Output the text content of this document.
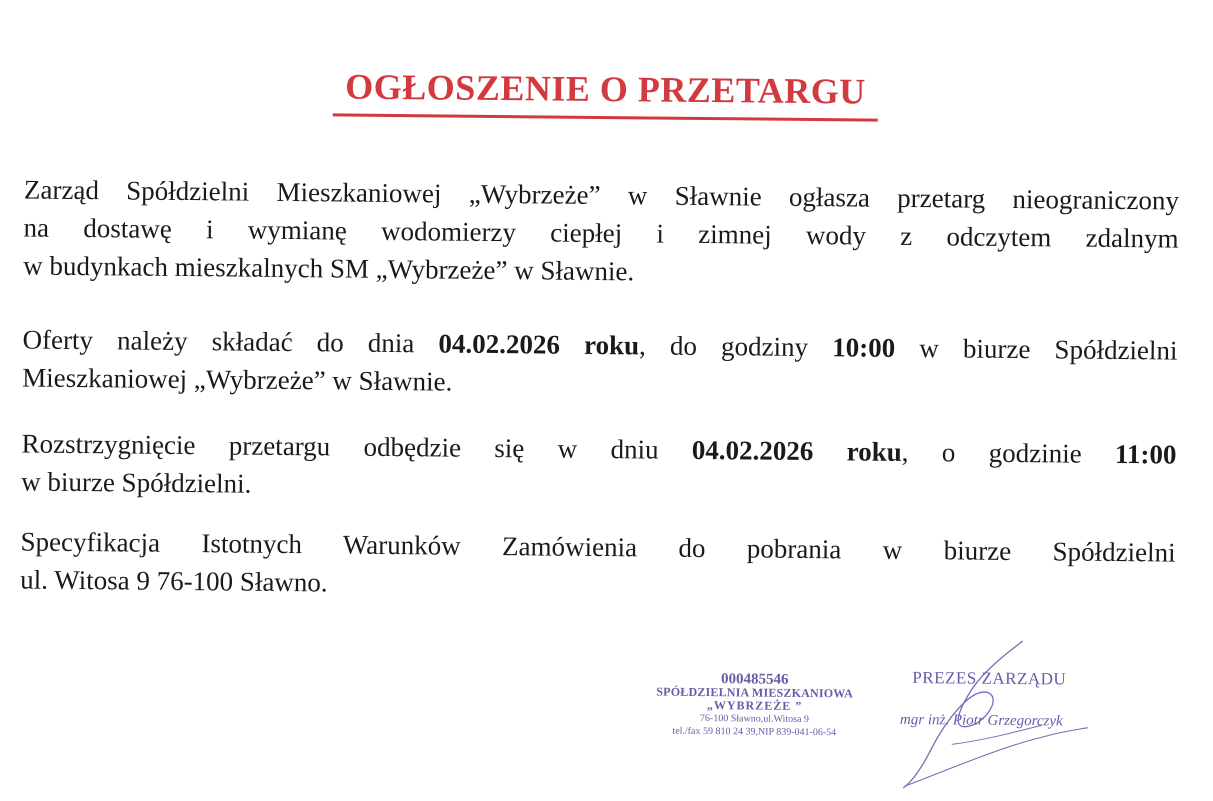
OGŁOSZENIE O PRZETARGU
Zarząd Spółdzielni Mieszkaniowej „Wybrzeże” w Sławnie ogłasza przetarg nieograniczony
na dostawę i wymianę wodomierzy ciepłej i zimnej wody z odczytem zdalnym
w budynkach mieszkalnych SM „Wybrzeże” w Sławnie.
Oferty należy składać do dnia 04.02.2026 roku, do godziny 10:00 w biurze Spółdzielni
Mieszkaniowej „Wybrzeże” w Sławnie.
Rozstrzygnięcie przetargu odbędzie się w dniu 04.02.2026 roku, o godzinie 11:00
w biurze Spółdzielni.
Specyfikacja Istotnych Warunków Zamówienia do pobrania w biurze Spółdzielni
ul. Witosa 9 76-100 Sławno.
000485546
SPÓŁDZIELNIA MIESZKANIOWA
„WYBRZEŻE ”
76-100 Sławno,ul.Witosa 9
tel./fax 59 810 24 39,NIP 839-041-06-54
PREZES ZARZĄDU
mgr inż. Piotr Grzegorczyk
